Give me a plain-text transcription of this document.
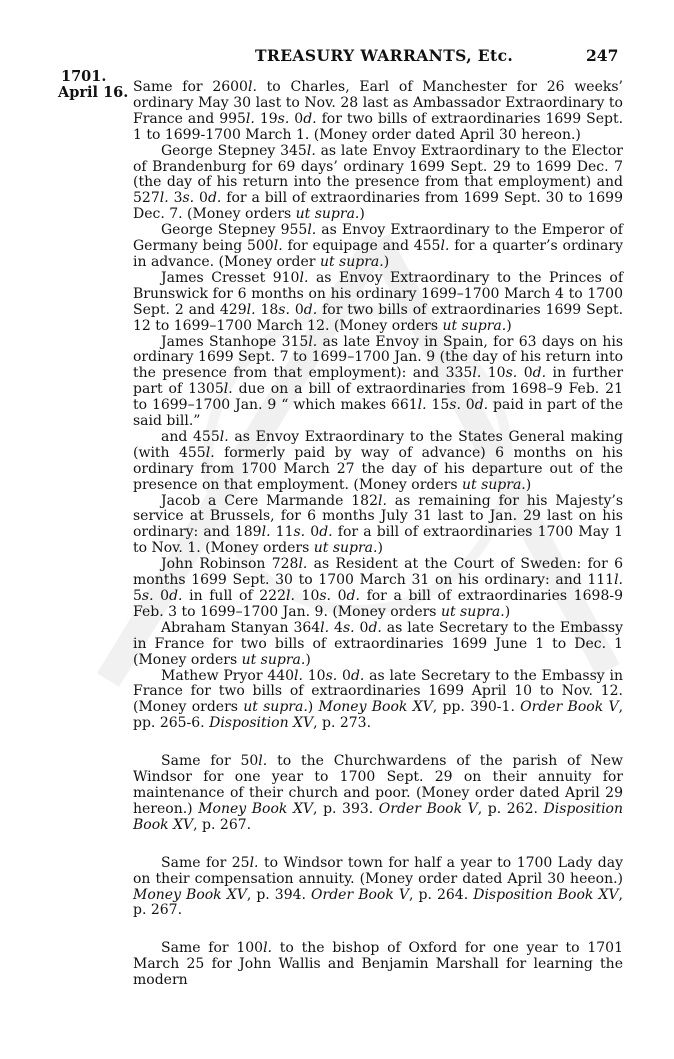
TREASURY WARRANTS, Etc.	247
1701.
April 16. Same for 2600l. to Charles, Earl of Manchester for 26 weeks’ ordinary May 30 last to Nov. 28 last as Ambassador Extraordinary to France and 995l. 19s. 0d. for two bills of extraordinaries 1699 Sept. 1 to 1699-1700 March 1. (Money order dated April 30 hereon.)

George Stepney 345l. as late Envoy Extraordinary to the Elector of Brandenburg for 69 days’ ordinary 1699 Sept. 29 to 1699 Dec. 7 (the day of his return into the presence from that employment) and 527l. 3s. 0d. for a bill of extraordinaries from 1699 Sept. 30 to 1699 Dec. 7. (Money orders ut supra.)

George Stepney 955l. as Envoy Extraordinary to the Emperor of Germany being 500l. for equipage and 455l. for a quarter’s ordinary in advance. (Money order ut supra.)

James Cresset 910l. as Envoy Extraordinary to the Princes of Brunswick for 6 months on his ordinary 1699–1700 March 4 to 1700 Sept. 2 and 429l. 18s. 0d. for two bills of extraordinaries 1699 Sept. 12 to 1699–1700 March 12. (Money orders ut supra.)

James Stanhope 315l. as late Envoy in Spain, for 63 days on his ordinary 1699 Sept. 7 to 1699–1700 Jan. 9 (the day of his return into the presence from that employment): and 335l. 10s. 0d. in further part of 1305l. due on a bill of extraordinaries from 1698–9 Feb. 21 to 1699–1700 Jan. 9 “ which makes 661l. 15s. 0d. paid in part of the said bill.”

and 455l. as Envoy Extraordinary to the States General making (with 455l. formerly paid by way of advance) 6 months on his ordinary from 1700 March 27 the day of his departure out of the presence on that employment. (Money orders ut supra.)

Jacob a Cere Marmande 182l. as remaining for his Majesty’s service at Brussels, for 6 months July 31 last to Jan. 29 last on his ordinary: and 189l. 11s. 0d. for a bill of extraordinaries 1700 May 1 to Nov. 1. (Money orders ut supra.)

John Robinson 728l. as Resident at the Court of Sweden: for 6 months 1699 Sept. 30 to 1700 March 31 on his ordinary: and 111l. 5s. 0d. in full of 222l. 10s. 0d. for a bill of extraordinaries 1698-9 Feb. 3 to 1699–1700 Jan. 9. (Money orders ut supra.)

Abraham Stanyan 364l. 4s. 0d. as late Secretary to the Embassy in France for two bills of extraordinaries 1699 June 1 to Dec. 1 (Money orders ut supra.)

Mathew Pryor 440l. 10s. 0d. as late Secretary to the Embassy in France for two bills of extraordinaries 1699 April 10 to Nov. 12. (Money orders ut supra.) Money Book XV, pp. 390-1. Order Book V, pp. 265-6. Disposition XV, p. 273.

Same for 50l. to the Churchwardens of the parish of New Windsor for one year to 1700 Sept. 29 on their annuity for maintenance of their church and poor. (Money order dated April 29 hereon.) Money Book XV, p. 393. Order Book V, p. 262. Disposition Book XV, p. 267.

Same for 25l. to Windsor town for half a year to 1700 Lady day on their compensation annuity. (Money order dated April 30 heeon.) Money Book XV, p. 394. Order Book V, p. 264. Disposition Book XV, p. 267.

Same for 100l. to the bishop of Oxford for one year to 1701 March 25 for John Wallis and Benjamin Marshall for learning the modern
